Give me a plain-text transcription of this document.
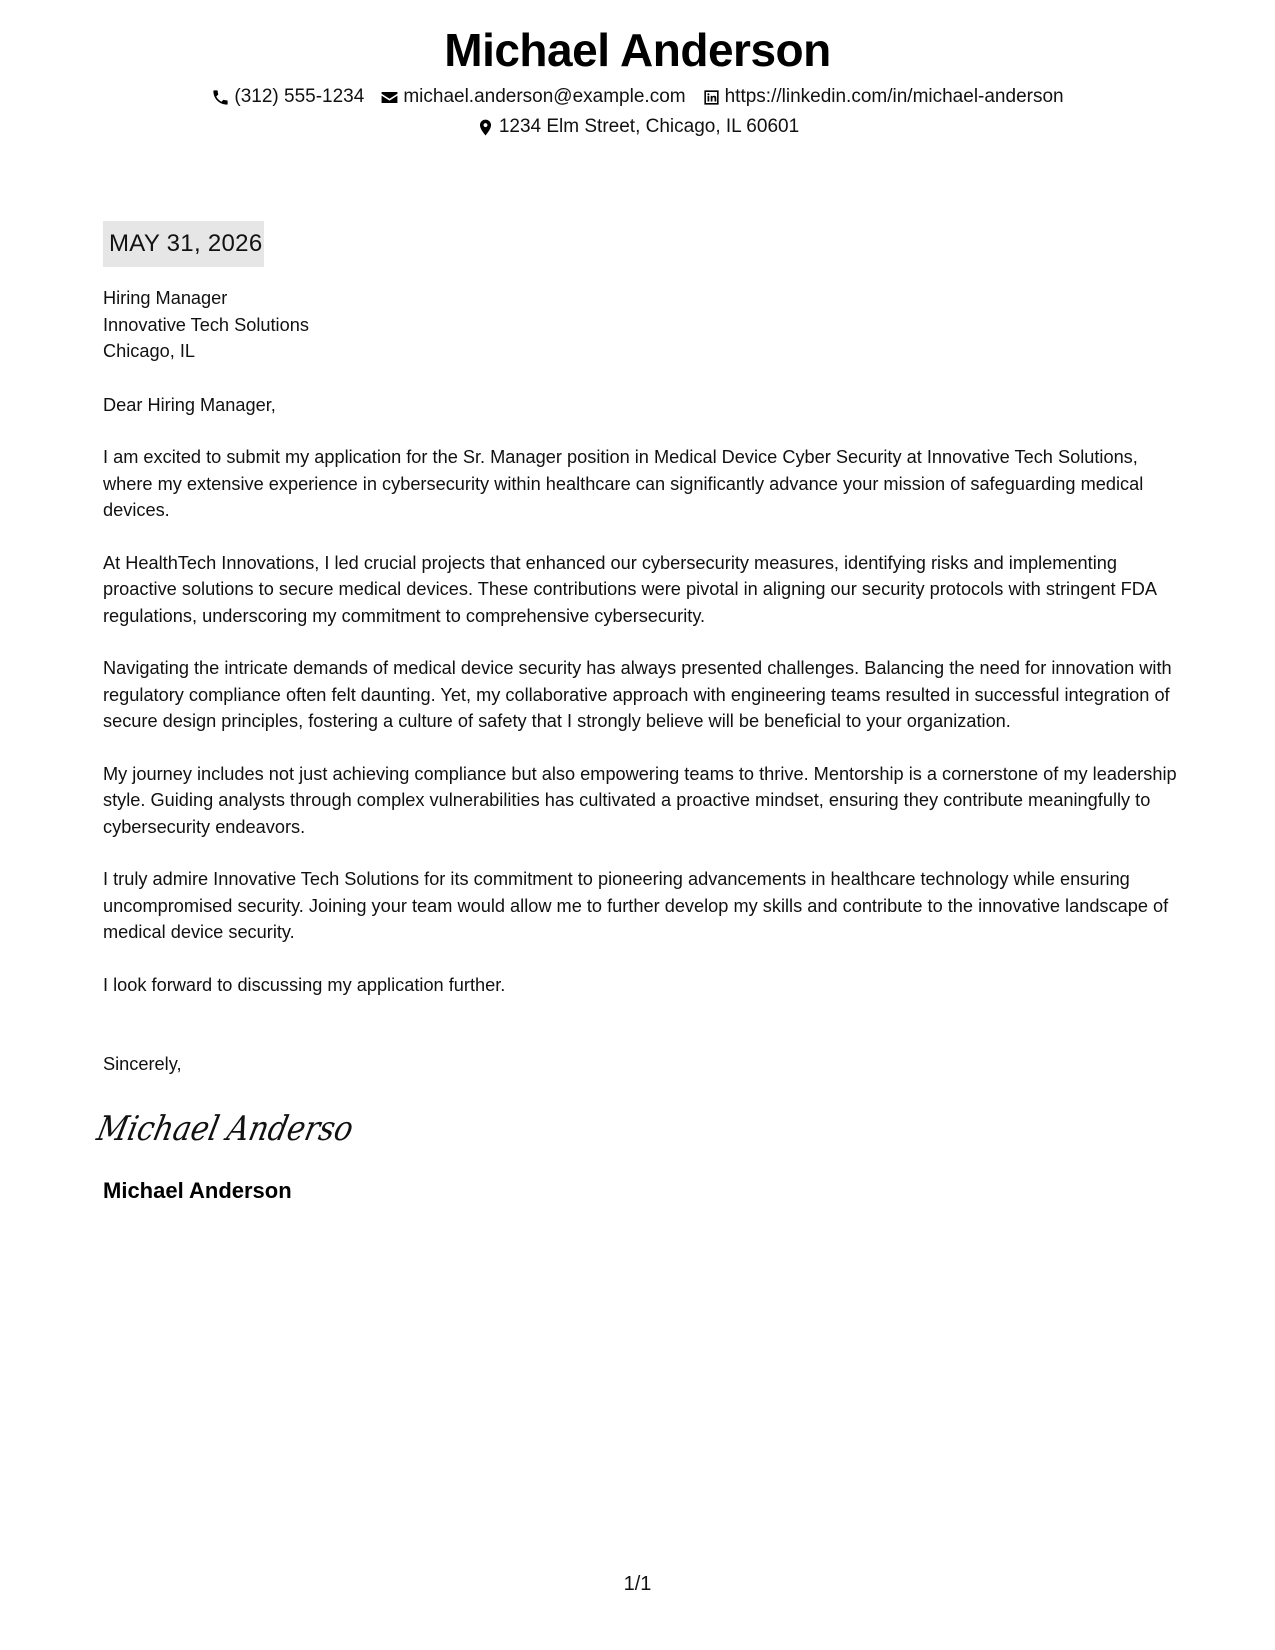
Michael Anderson
(312) 555-1234 michael.anderson@example.com https://linkedin.com/in/michael-anderson
1234 Elm Street, Chicago, IL 60601
MAY 31, 2026
Hiring Manager
Innovative Tech Solutions
Chicago, IL
Dear Hiring Manager,

I am excited to submit my application for the Sr. Manager position in Medical Device Cyber Security at Innovative Tech Solutions, where my extensive experience in cybersecurity within healthcare can significantly advance your mission of safeguarding medical devices.

At HealthTech Innovations, I led crucial projects that enhanced our cybersecurity measures, identifying risks and implementing proactive solutions to secure medical devices. These contributions were pivotal in aligning our security protocols with stringent FDA regulations, underscoring my commitment to comprehensive cybersecurity.

Navigating the intricate demands of medical device security has always presented challenges. Balancing the need for innovation with regulatory compliance often felt daunting. Yet, my collaborative approach with engineering teams resulted in successful integration of secure design principles, fostering a culture of safety that I strongly believe will be beneficial to your organization.

My journey includes not just achieving compliance but also empowering teams to thrive. Mentorship is a cornerstone of my leadership style. Guiding analysts through complex vulnerabilities has cultivated a proactive mindset, ensuring they contribute meaningfully to cybersecurity endeavors.

I truly admire Innovative Tech Solutions for its commitment to pioneering advancements in healthcare technology while ensuring uncompromised security. Joining your team would allow me to further develop my skills and contribute to the innovative landscape of medical device security.

I look forward to discussing my application further.

Sincerely,
Michael Anderso
Michael Anderson
1/1
